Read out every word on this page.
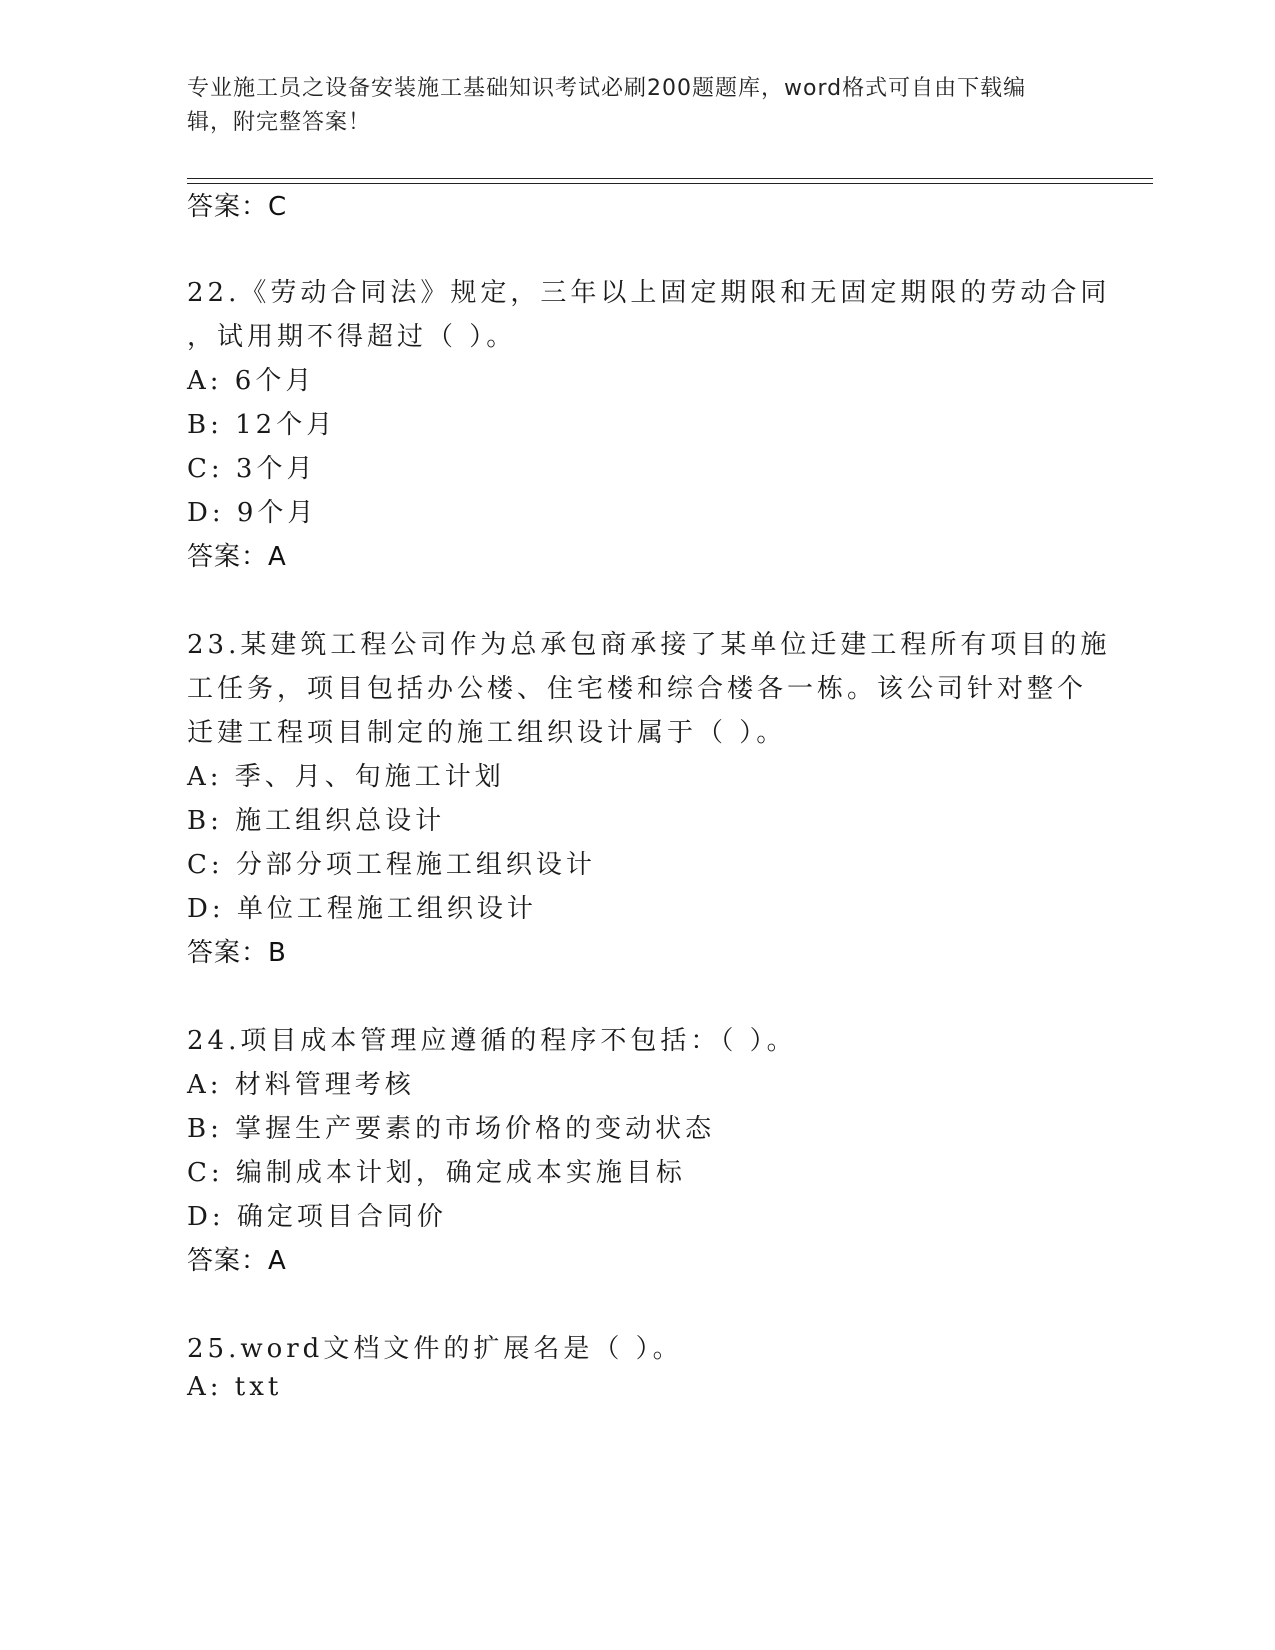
专业施工员之设备安装施工基础知识考试必刷200题题库，word格式可自由下载编辑，附完整答案！
答案：C
22.《劳动合同法》规定，三年以上固定期限和无固定期限的劳动合同
，试用期不得超过（ ）。
A: 6个月
B: 12个月
C: 3个月
D: 9个月
答案：A
23.某建筑工程公司作为总承包商承接了某单位迁建工程所有项目的施
工任务，项目包括办公楼、住宅楼和综合楼各一栋。该公司针对整个
迁建工程项目制定的施工组织设计属于（ ）。
A: 季、月、旬施工计划
B: 施工组织总设计
C: 分部分项工程施工组织设计
D: 单位工程施工组织设计
答案：B
24.项目成本管理应遵循的程序不包括：（ ）。
A: 材料管理考核
B: 掌握生产要素的市场价格的变动状态
C: 编制成本计划，确定成本实施目标
D: 确定项目合同价
答案：A
25.word文档文件的扩展名是（ ）。
A: txt
